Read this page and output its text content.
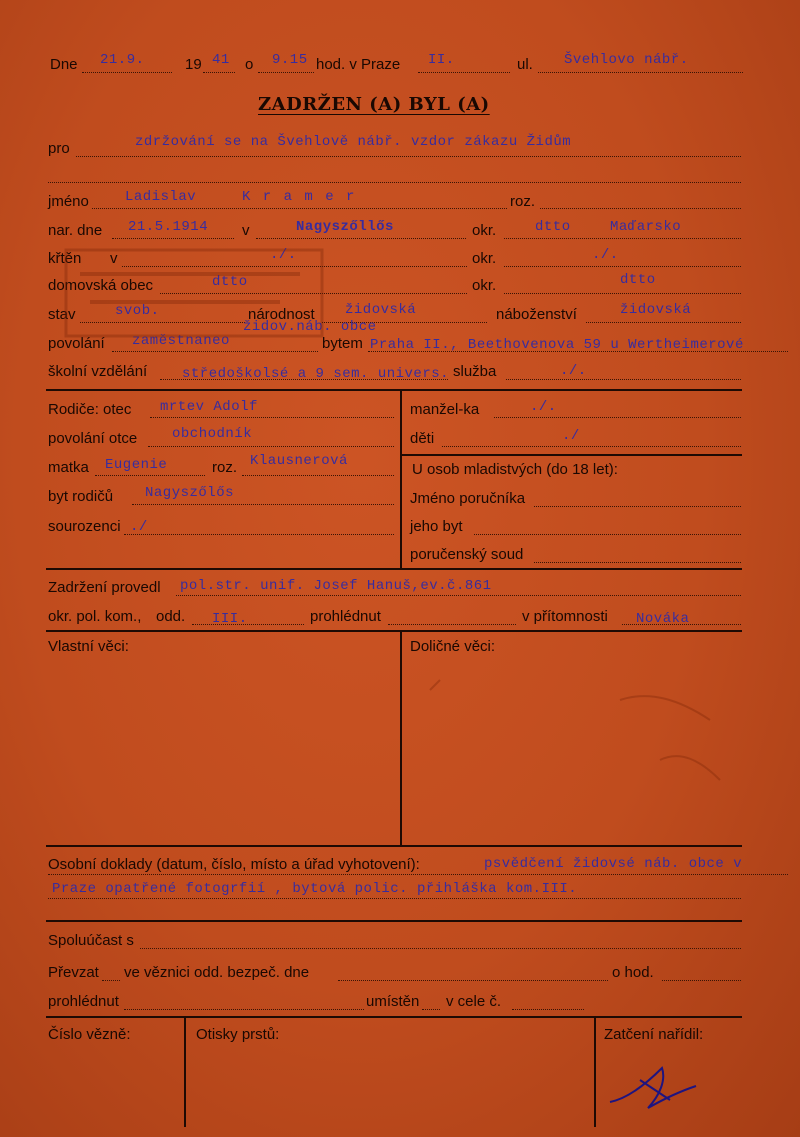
Dne 21.9.	19 41 o 9.15 hod. v Praze II.	ul. Švehlovo nábř.
ZADRŽEN (A) BYL (A)
pro	zdržování se na Švehlově nábř. vzdor zákazu Židům
jméno	Ladislav	K r a m e r	roz.
nar. dne 21.5.1914 v	Nagyszőllős	okr.	dtto	Maďarsko
křtěn v	./.	okr.	./.
domovská obec	dtto	okr.	dtto
stav	svob.	národnost židovská	náboženství	židovská
židov.náb. obce
povolání zaměstnaneo	bytem Praha II., Beethovenova 59 u Wertheimerové
školní vzdělání středoškolsé a 9 sem. univers. služba	./.
Rodiče: otec mrtev Adolf
povolání otce obchodník
matka Eugenie	roz. Klausnerová
byt rodičů Nagyszőlős
sourozenci ./
manžel-ka	./.
děti	./
U osob mladistvých (do 18 let):
Jméno poručníka
jeho byt
poručenský soud
Zadržení provedl pol.str. unif. Josef Hanuš,ev.č.861
okr. pol. kom., odd. III.	prohlédnut	v přítomnosti Nováka
Vlastní věci:	Doličné věci:
Osobní doklady (datum, číslo, místo a úřad vyhotovení):	psvědčení židovsé náb. obce v
Praze opatřené fotogrfií , bytová polic. přihláška kom.III.
Spoluúčast s
Převzat ve věznici odd. bezpeč. dne	o hod.
prohlédnut	umístěn v cele č.
Číslo vězně:	Otisky prstů:	Zatčení nařídil:
